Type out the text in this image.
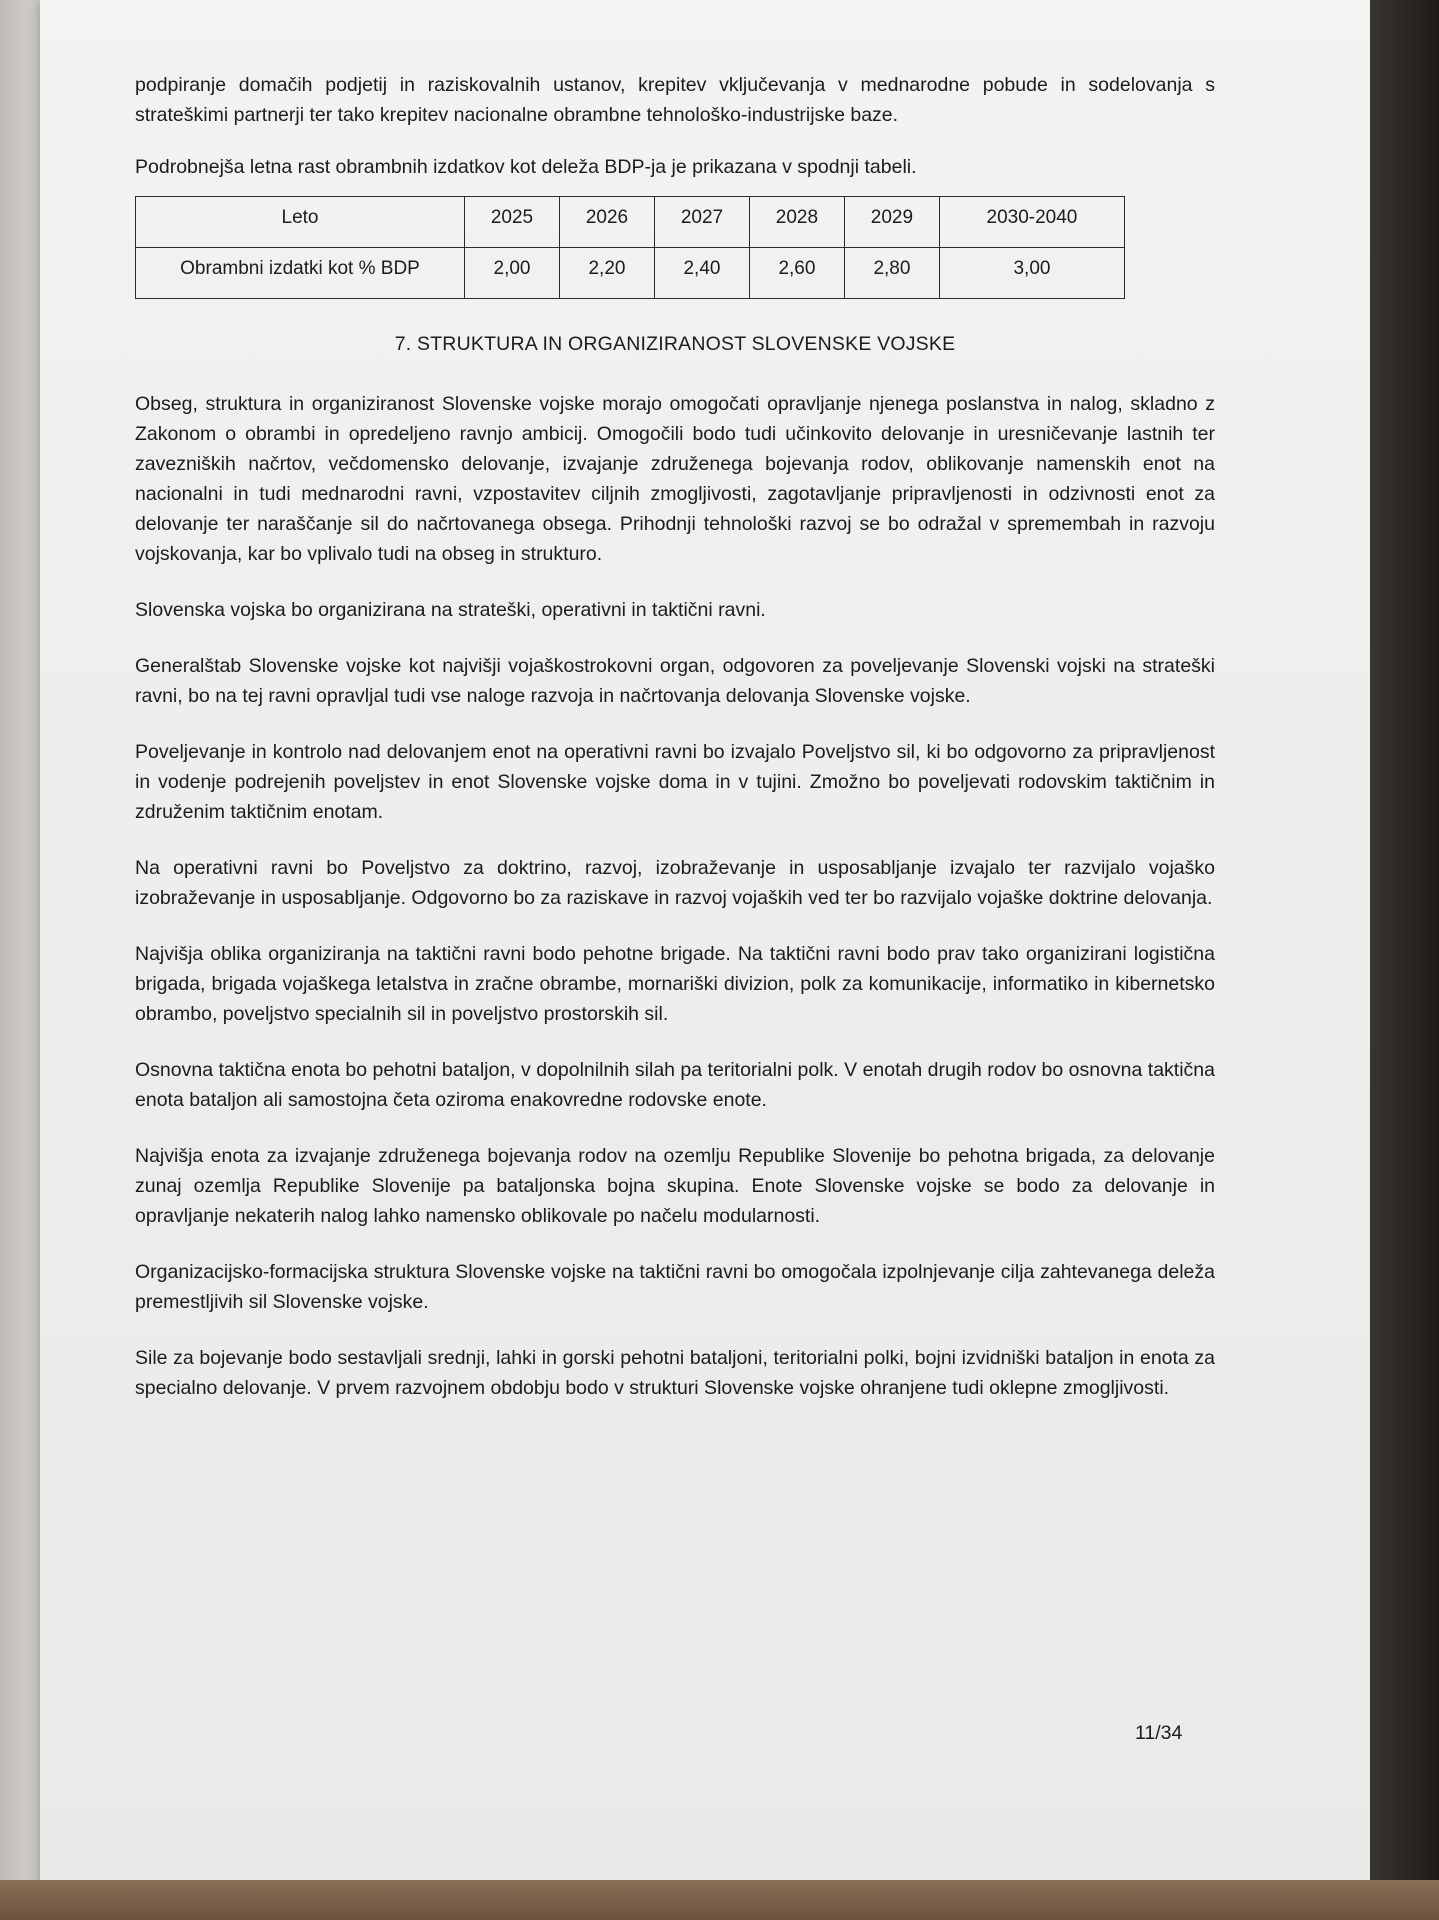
podpiranje domačih podjetij in raziskovalnih ustanov, krepitev vključevanja v mednarodne pobude in sodelovanja s strateškimi partnerji ter tako krepitev nacionalne obrambne tehnološko-industrijske baze.

Podrobnejša letna rast obrambnih izdatkov kot deleža BDP-ja je prikazana v spodnji tabeli.

Leto	2025	2026	2027	2028	2029	2030-2040
Obrambni izdatki kot % BDP	2,00	2,20	2,40	2,60	2,80	3,00
7. STRUKTURA IN ORGANIZIRANOST SLOVENSKE VOJSKE

Obseg, struktura in organiziranost Slovenske vojske morajo omogočati opravljanje njenega poslanstva in nalog, skladno z Zakonom o obrambi in opredeljeno ravnjo ambicij. Omogočili bodo tudi učinkovito delovanje in uresničevanje lastnih ter zavezniških načrtov, večdomensko delovanje, izvajanje združenega bojevanja rodov, oblikovanje namenskih enot na nacionalni in tudi mednarodni ravni, vzpostavitev ciljnih zmogljivosti, zagotavljanje pripravljenosti in odzivnosti enot za delovanje ter naraščanje sil do načrtovanega obsega. Prihodnji tehnološki razvoj se bo odražal v spremembah in razvoju vojskovanja, kar bo vplivalo tudi na obseg in strukturo.

Slovenska vojska bo organizirana na strateški, operativni in taktični ravni.

Generalštab Slovenske vojske kot najvišji vojaškostrokovni organ, odgovoren za poveljevanje Slovenski vojski na strateški ravni, bo na tej ravni opravljal tudi vse naloge razvoja in načrtovanja delovanja Slovenske vojske.

Poveljevanje in kontrolo nad delovanjem enot na operativni ravni bo izvajalo Poveljstvo sil, ki bo odgovorno za pripravljenost in vodenje podrejenih poveljstev in enot Slovenske vojske doma in v tujini. Zmožno bo poveljevati rodovskim taktičnim in združenim taktičnim enotam.

Na operativni ravni bo Poveljstvo za doktrino, razvoj, izobraževanje in usposabljanje izvajalo ter razvijalo vojaško izobraževanje in usposabljanje. Odgovorno bo za raziskave in razvoj vojaških ved ter bo razvijalo vojaške doktrine delovanja.

Najvišja oblika organiziranja na taktični ravni bodo pehotne brigade. Na taktični ravni bodo prav tako organizirani logistična brigada, brigada vojaškega letalstva in zračne obrambe, mornariški divizion, polk za komunikacije, informatiko in kibernetsko obrambo, poveljstvo specialnih sil in poveljstvo prostorskih sil.

Osnovna taktična enota bo pehotni bataljon, v dopolnilnih silah pa teritorialni polk. V enotah drugih rodov bo osnovna taktična enota bataljon ali samostojna četa oziroma enakovredne rodovske enote.

Najvišja enota za izvajanje združenega bojevanja rodov na ozemlju Republike Slovenije bo pehotna brigada, za delovanje zunaj ozemlja Republike Slovenije pa bataljonska bojna skupina. Enote Slovenske vojske se bodo za delovanje in opravljanje nekaterih nalog lahko namensko oblikovale po načelu modularnosti.

Organizacijsko-formacijska struktura Slovenske vojske na taktični ravni bo omogočala izpolnjevanje cilja zahtevanega deleža premestljivih sil Slovenske vojske.

Sile za bojevanje bodo sestavljali srednji, lahki in gorski pehotni bataljoni, teritorialni polki, bojni izvidniški bataljon in enota za specialno delovanje. V prvem razvojnem obdobju bodo v strukturi Slovenske vojske ohranjene tudi oklepne zmogljivosti.

11/34
